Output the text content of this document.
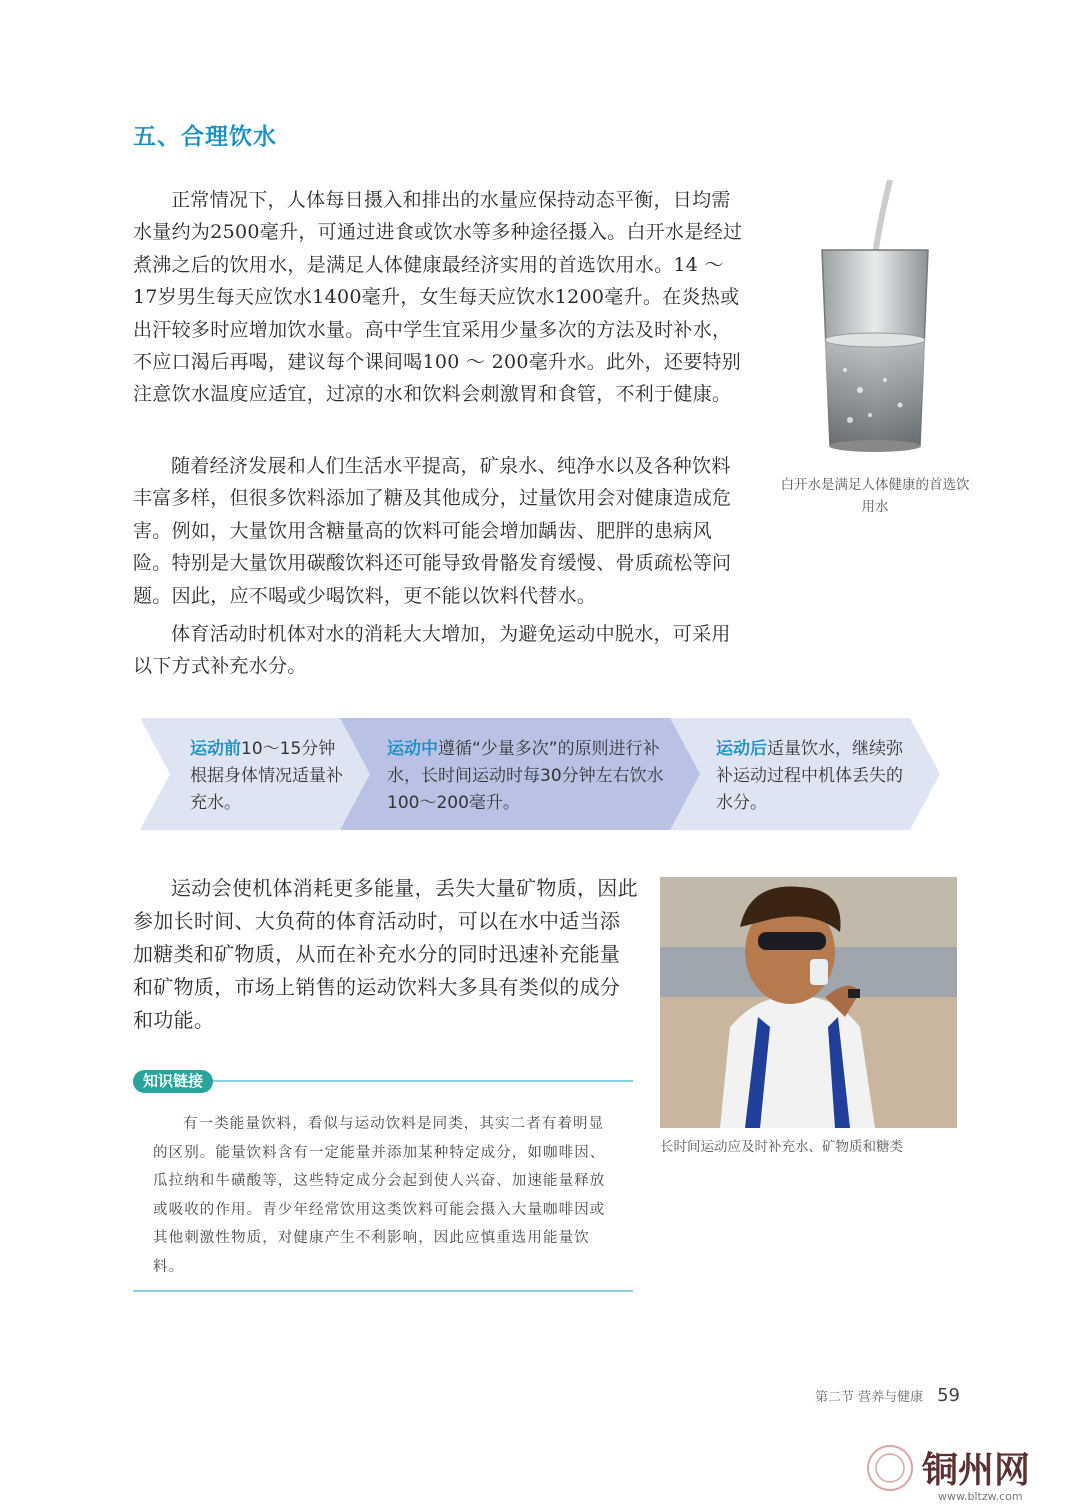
五、合理饮水

正常情况下，人体每日摄入和排出的水量应保持动态平衡，日均需水量约为2500毫升，可通过进食或饮水等多种途径摄入。白开水是经过煮沸之后的饮用水，是满足人体健康最经济实用的首选饮用水。14 ～ 17岁男生每天应饮水1400毫升，女生每天应饮水1200毫升。在炎热或出汗较多时应增加饮水量。高中学生宜采用少量多次的方法及时补水，不应口渴后再喝，建议每个课间喝100 ～ 200毫升水。此外，还要特别注意饮水温度应适宜，过凉的水和饮料会刺激胃和食管，不利于健康。

随着经济发展和人们生活水平提高，矿泉水、纯净水以及各种饮料丰富多样，但很多饮料添加了糖及其他成分，过量饮用会对健康造成危害。例如，大量饮用含糖量高的饮料可能会增加龋齿、肥胖的患病风险。特别是大量饮用碳酸饮料还可能导致骨骼发育缓慢、骨质疏松等问题。因此，应不喝或少喝饮料，更不能以饮料代替水。

体育活动时机体对水的消耗大大增加，为避免运动中脱水，可采用以下方式补充水分。

白开水是满足人体健康的首选饮用水
运动前10～15分钟根据身体情况适量补充水。
运动中遵循“少量多次”的原则进行补水，长时间运动时每30分钟左右饮水100～200毫升。
运动后适量饮水，继续弥补运动过程中机体丢失的水分。

运动会使机体消耗更多能量，丢失大量矿物质，因此参加长时间、大负荷的体育活动时，可以在水中适当添加糖类和矿物质，从而在补充水分的同时迅速补充能量和矿物质，市场上销售的运动饮料大多具有类似的成分和功能。

长时间运动应及时补充水、矿物质和糖类
知识链接

有一类能量饮料，看似与运动饮料是同类，其实二者有着明显的区别。能量饮料含有一定能量并添加某种特定成分，如咖啡因、瓜拉纳和牛磺酸等，这些特定成分会起到使人兴奋、加速能量释放或吸收的作用。青少年经常饮用这类饮料可能会摄入大量咖啡因或其他刺激性物质，对健康产生不利影响，因此应慎重选用能量饮料。

第二节 营养与健康 59
铜州网
www.bltzw.com
